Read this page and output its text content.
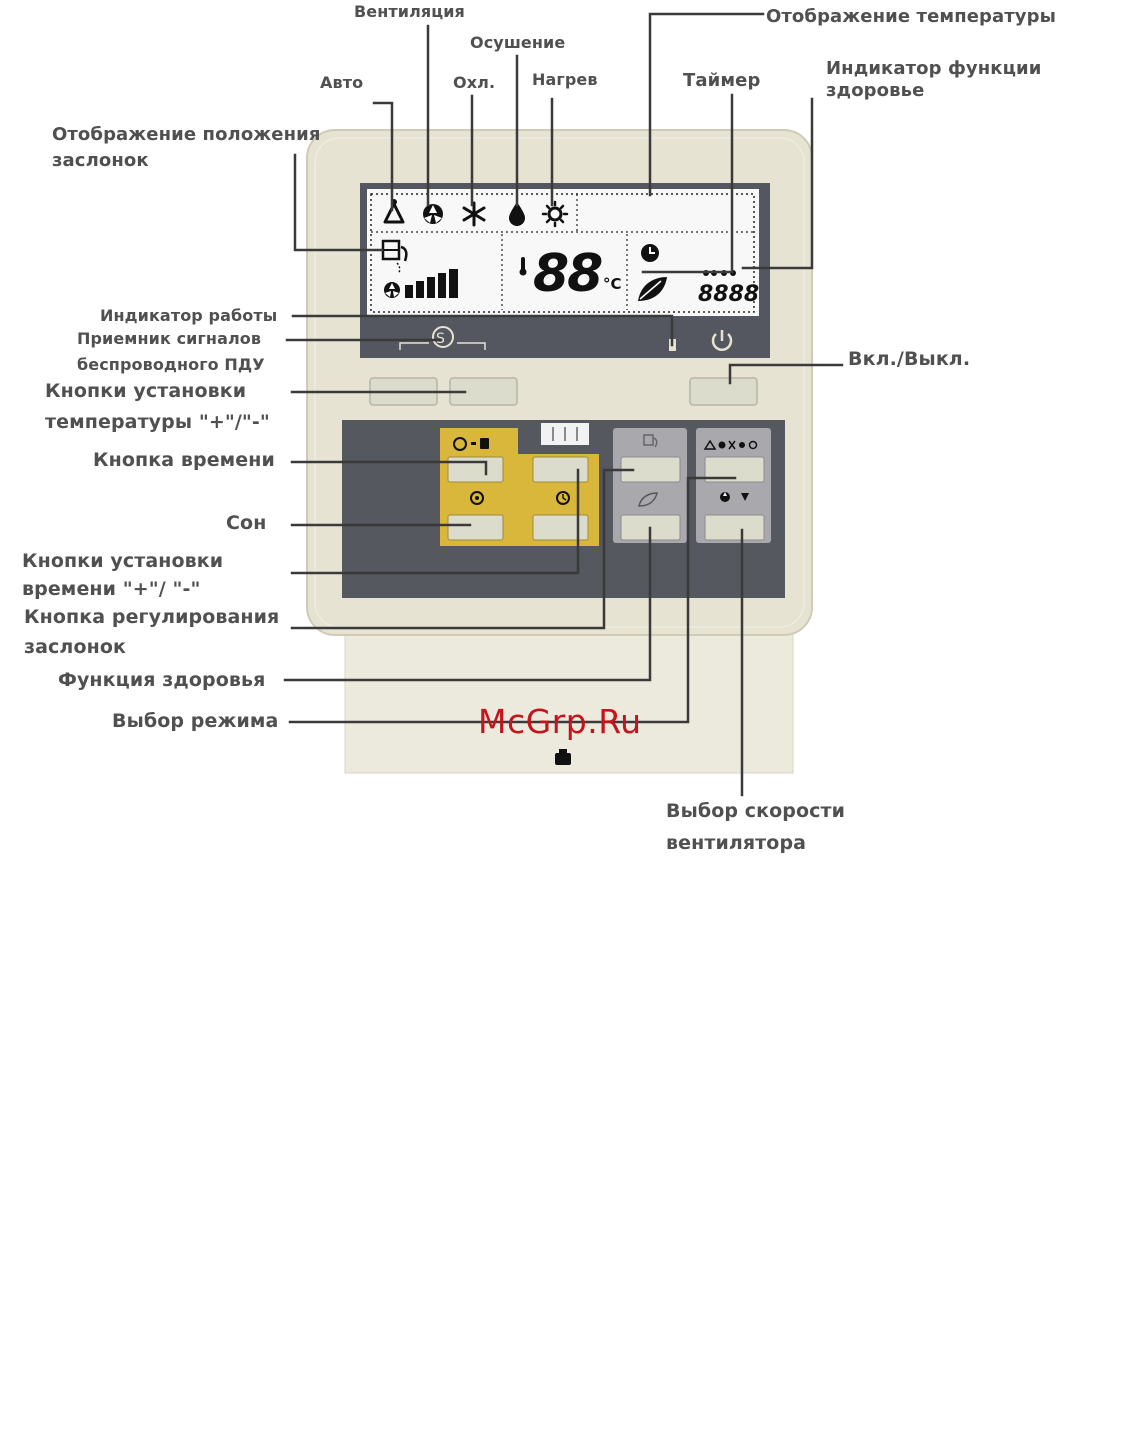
88 °C	8888
S
Вентиляция
Осушение
Авто	Охл. Нагрев
Отображение температуры
Таймер
Индикатор функции
здоровье
Отображение положения
заслонок
Индикатор работы
Приемник сигналов
беспроводного ПДУ
Кнопки установки
температуры "+"/"-"
Вкл./Выкл.
Кнопка времени
Сон
Кнопки установки
времени "+"/ "-"
Кнопка регулирования
заслонок
Функция здоровья
Выбор режима
Выбор скорости
вентилятора
McGrp.Ru
